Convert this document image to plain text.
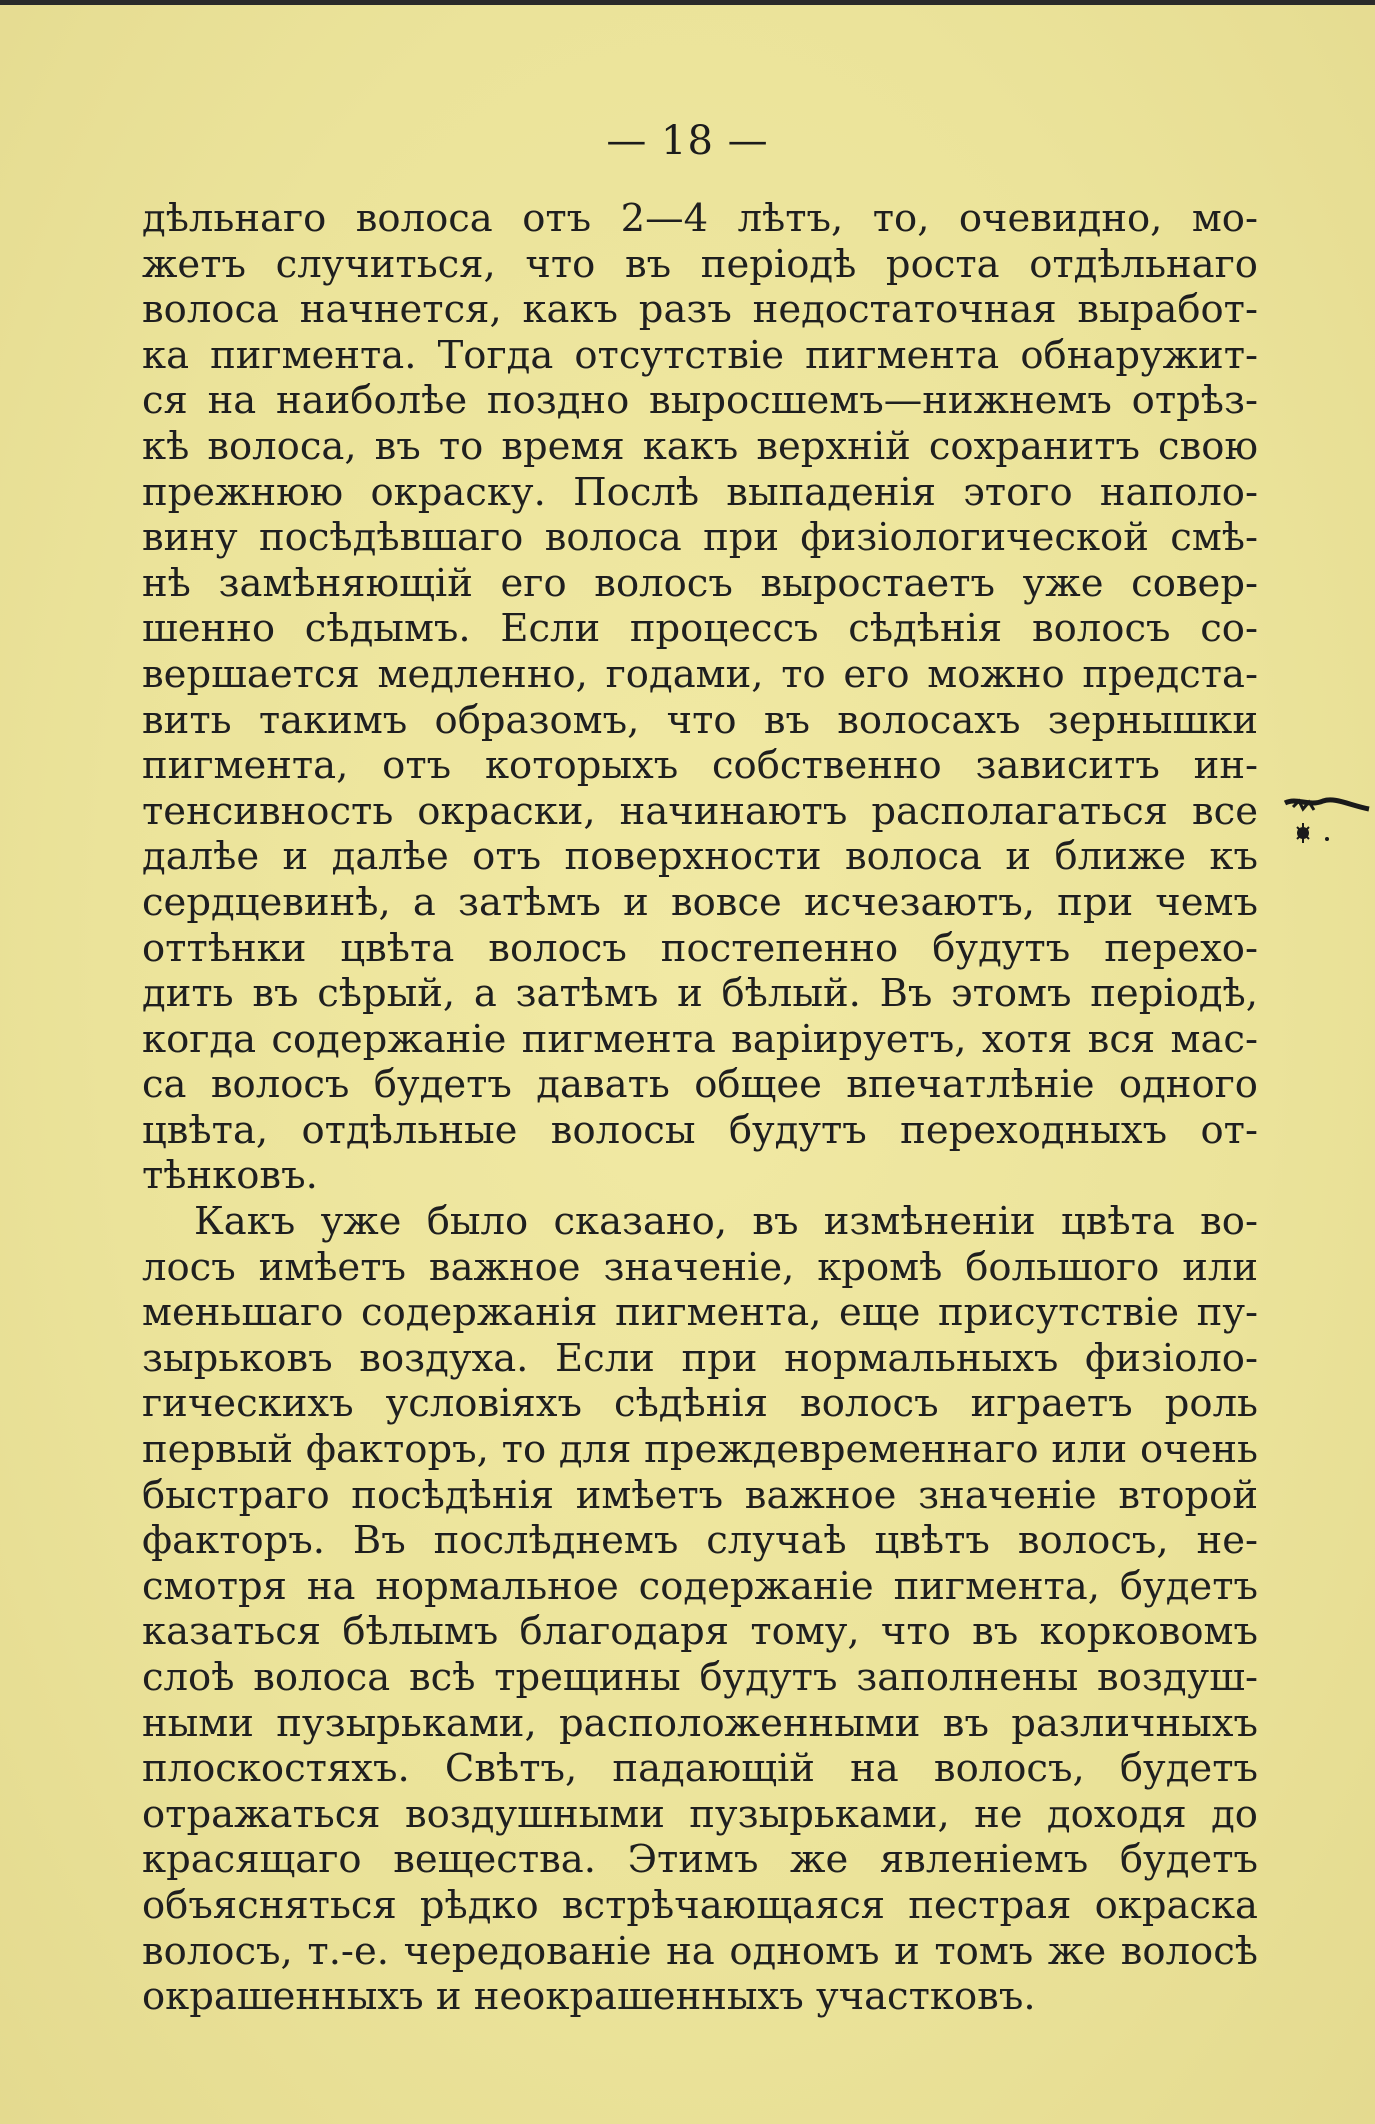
— 18 —
дѣльнаго волоса отъ 2—4 лѣтъ, то, очевидно, мо-
жетъ случиться, что въ періодѣ роста отдѣльнаго
волоса начнется, какъ разъ недостаточная выработ-
ка пигмента. Тогда отсутствіе пигмента обнаружит-
ся на наиболѣе поздно выросшемъ—нижнемъ отрѣз-
кѣ волоса, въ то время какъ верхній сохранитъ свою
прежнюю окраску. Послѣ выпаденія этого наполо-
вину посѣдѣвшаго волоса при физіологической смѣ-
нѣ замѣняющій его волосъ выростаетъ уже совер-
шенно сѣдымъ. Если процессъ сѣдѣнія волосъ со-
вершается медленно, годами, то его можно предста-
вить такимъ образомъ, что въ волосахъ зернышки
пигмента, отъ которыхъ собственно зависитъ ин-
тенсивность окраски, начинаютъ располагаться все
далѣе и далѣе отъ поверхности волоса и ближе къ
сердцевинѣ, а затѣмъ и вовсе исчезаютъ, при чемъ
оттѣнки цвѣта волосъ постепенно будутъ перехо-
дить въ сѣрый, а затѣмъ и бѣлый. Въ этомъ періодѣ,
когда содержаніе пигмента варіируетъ, хотя вся мас-
са волосъ будетъ давать общее впечатлѣніе одного
цвѣта, отдѣльные волосы будутъ переходныхъ от-
тѣнковъ.
Какъ уже было сказано, въ измѣненіи цвѣта во-
лосъ имѣетъ важное значеніе, кромѣ большого или
меньшаго содержанія пигмента, еще присутствіе пу-
зырьковъ воздуха. Если при нормальныхъ физіоло-
гическихъ условіяхъ сѣдѣнія волосъ играетъ роль
первый факторъ, то для преждевременнаго или очень
быстраго посѣдѣнія имѣетъ важное значеніе второй
факторъ. Въ послѣднемъ случаѣ цвѣтъ волосъ, не-
смотря на нормальное содержаніе пигмента, будетъ
казаться бѣлымъ благодаря тому, что въ корковомъ
слоѣ волоса всѣ трещины будутъ заполнены воздуш-
ными пузырьками, расположенными въ различныхъ
плоскостяхъ. Свѣтъ, падающій на волосъ, будетъ
отражаться воздушными пузырьками, не доходя до
красящаго вещества. Этимъ же явленіемъ будетъ
объясняться рѣдко встрѣчающаяся пестрая окраска
волосъ, т.-е. чередованіе на одномъ и томъ же волосѣ
окрашенныхъ и неокрашенныхъ участковъ.
